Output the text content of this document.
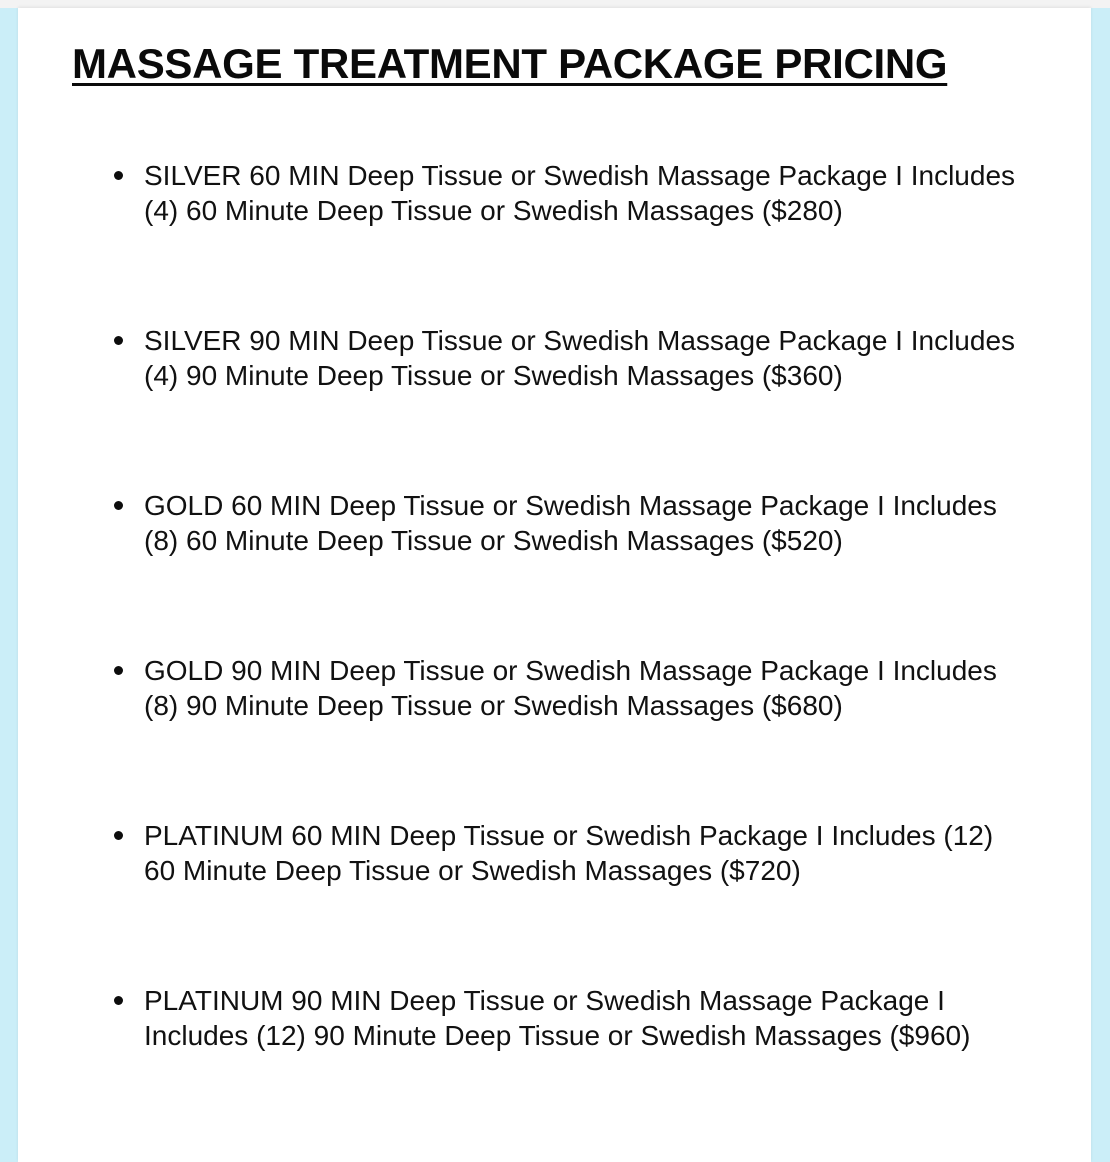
MASSAGE TREATMENT PACKAGE PRICING
SILVER 60 MIN Deep Tissue or Swedish Massage Package I Includes
(4) 60 Minute Deep Tissue or Swedish Massages ($280)
SILVER 90 MIN Deep Tissue or Swedish Massage Package I Includes
(4) 90 Minute Deep Tissue or Swedish Massages ($360)
GOLD 60 MIN Deep Tissue or Swedish Massage Package I Includes
(8) 60 Minute Deep Tissue or Swedish Massages ($520)
GOLD 90 MIN Deep Tissue or Swedish Massage Package I Includes
(8) 90 Minute Deep Tissue or Swedish Massages ($680)
PLATINUM 60 MIN Deep Tissue or Swedish Package I Includes (12)
60 Minute Deep Tissue or Swedish Massages ($720)
PLATINUM 90 MIN Deep Tissue or Swedish Massage Package I
Includes (12) 90 Minute Deep Tissue or Swedish Massages ($960)
